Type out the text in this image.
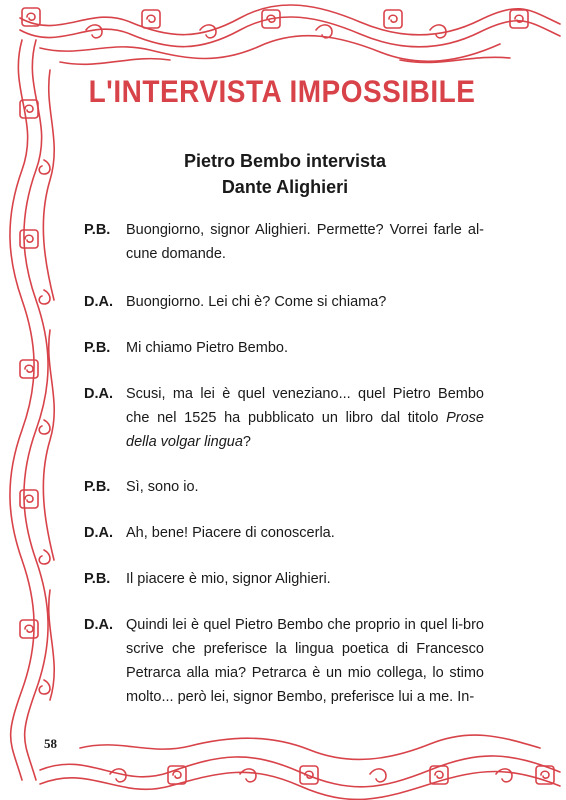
L'INTERVISTA IMPOSSIBILE
Pietro Bembo intervista
Dante Alighieri
P.B.	Buongiorno, signor Alighieri. Permette? Vorrei farle al-cune domande.
D.A. Buongiorno. Lei chi è? Come si chiama?
P.B.	Mi chiamo Pietro Bembo.
D.A. Scusi, ma lei è quel veneziano... quel Pietro Bembo che nel 1525 ha pubblicato un libro dal titolo Prose della volgar lingua?
P.B.	Sì, sono io.
D.A. Ah, bene! Piacere di conoscerla.
P.B.	Il piacere è mio, signor Alighieri.
D.A. Quindi lei è quel Pietro Bembo che proprio in quel li-bro scrive che preferisce la lingua poetica di Francesco Petrarca alla mia? Petrarca è un mio collega, lo stimo molto... però lei, signor Bembo, preferisce lui a me. In-
58
